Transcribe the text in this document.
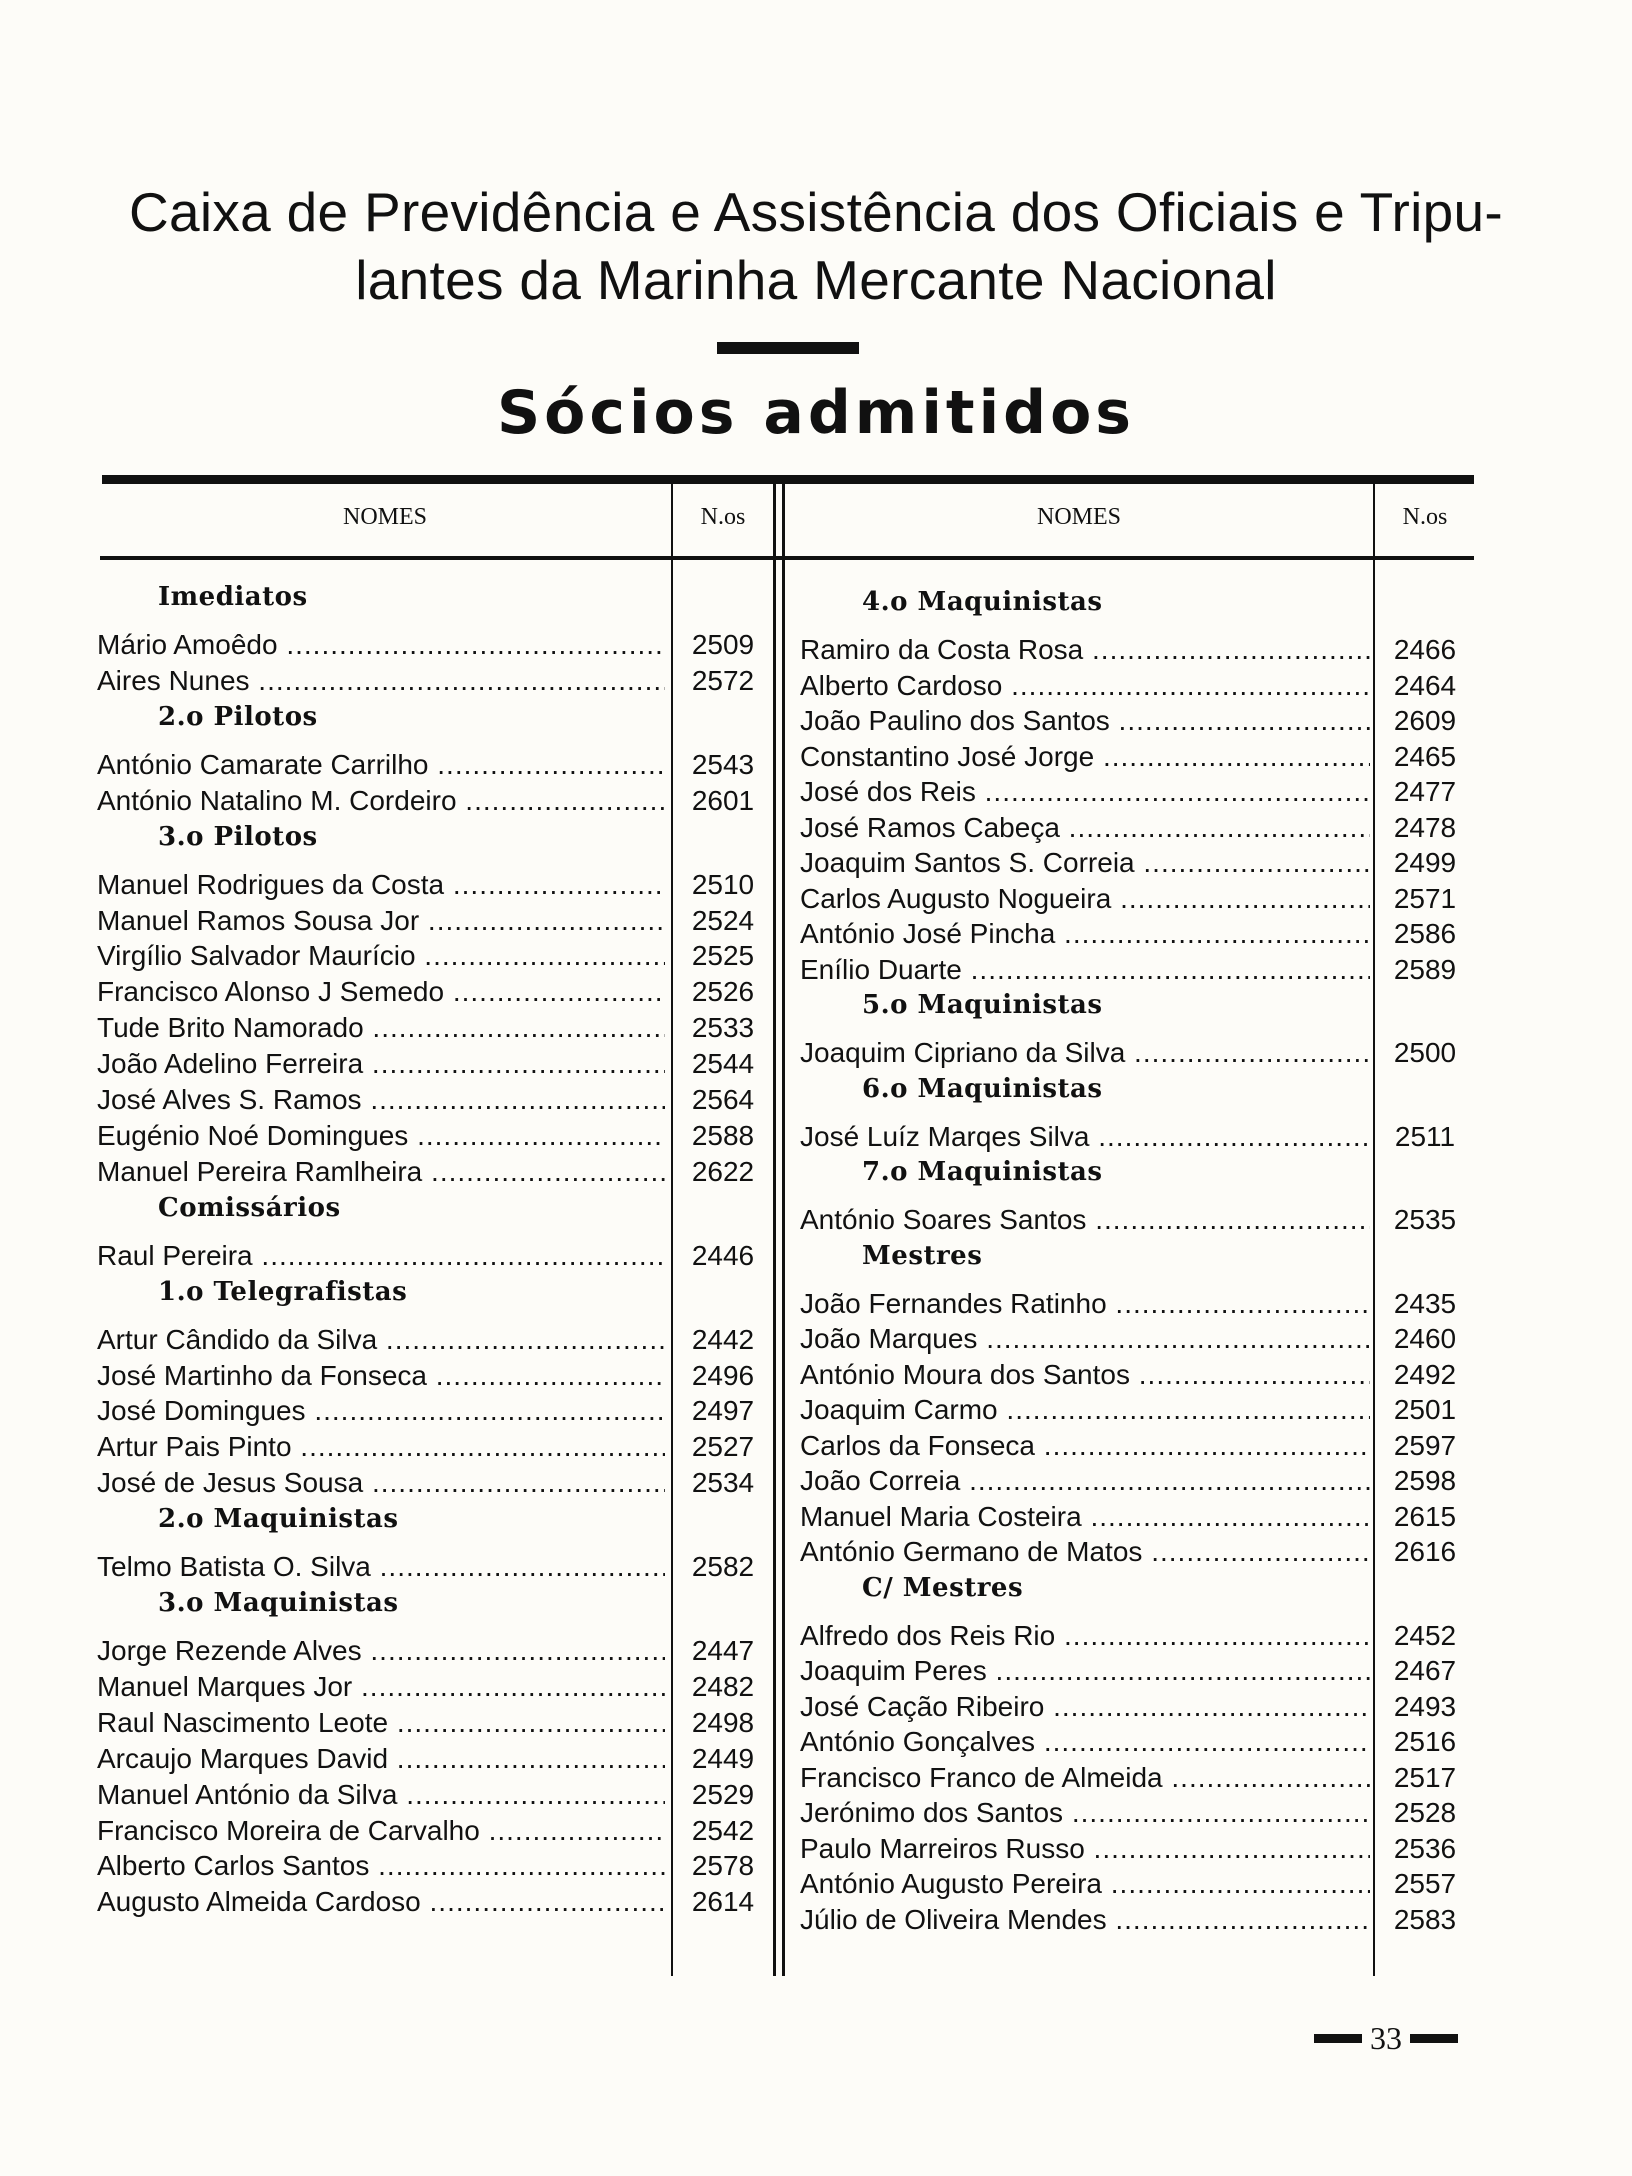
Caixa de Previdência e Assistência dos Oficiais e Tripu-
lantes da Marinha Mercante Nacional
Sócios admitidos
NOMES	N.os	NOMES	N.os
Imediatos
Mário Amoêdo .....	2509
Aires Nunes .....	2572
2.o Pilotos
António Camarate Carrilho .....	2543
António Natalino M. Cordeiro .....	2601
3.o Pilotos
Manuel Rodrigues da Costa .....	2510
Manuel Ramos Sousa Jor .....	2524
Virgílio Salvador Maurício .....	2525
Francisco Alonso J Semedo .....	2526
Tude Brito Namorado .....	2533
João Adelino Ferreira .....	2544
José Alves S. Ramos .....	2564
Eugénio Noé Domingues .....	2588
Manuel Pereira Ramlheira .....	2622
Comissários
Raul Pereira .....	2446
1.o Telegrafistas
Artur Cândido da Silva .....	2442
José Martinho da Fonseca .....	2496
José Domingues .....	2497
Artur Pais Pinto .....	2527
José de Jesus Sousa .....	2534
2.o Maquinistas
Telmo Batista O. Silva .....	2582
3.o Maquinistas
Jorge Rezende Alves .....	2447
Manuel Marques Jor .....	2482
Raul Nascimento Leote .....	2498
Arcaujo Marques David .....	2449
Manuel António da Silva .....	2529
Francisco Moreira de Carvalho .....	2542
Alberto Carlos Santos .....	2578
Augusto Almeida Cardoso .....	2614
4.o Maquinistas
Ramiro da Costa Rosa .....	2466
Alberto Cardoso .....	2464
João Paulino dos Santos .....	2609
Constantino José Jorge .....	2465
José dos Reis .....	2477
José Ramos Cabeça .....	2478
Joaquim Santos S. Correia .....	2499
Carlos Augusto Nogueira .....	2571
António José Pincha .....	2586
Enílio Duarte .....	2589
5.o Maquinistas
Joaquim Cipriano da Silva .....	2500
6.o Maquinistas
José Luíz Marqes Silva .....	2511
7.o Maquinistas
António Soares Santos .....	2535
Mestres
João Fernandes Ratinho .....	2435
João Marques .....	2460
António Moura dos Santos .....	2492
Joaquim Carmo .....	2501
Carlos da Fonseca .....	2597
João Correia .....	2598
Manuel Maria Costeira .....	2615
António Germano de Matos .....	2616
C/ Mestres
Alfredo dos Reis Rio .....	2452
Joaquim Peres .....	2467
José Cação Ribeiro .....	2493
António Gonçalves .....	2516
Francisco Franco de Almeida .....	2517
Jerónimo dos Santos .....	2528
Paulo Marreiros Russo .....	2536
António Augusto Pereira .....	2557
Júlio de Oliveira Mendes .....	2583
33
